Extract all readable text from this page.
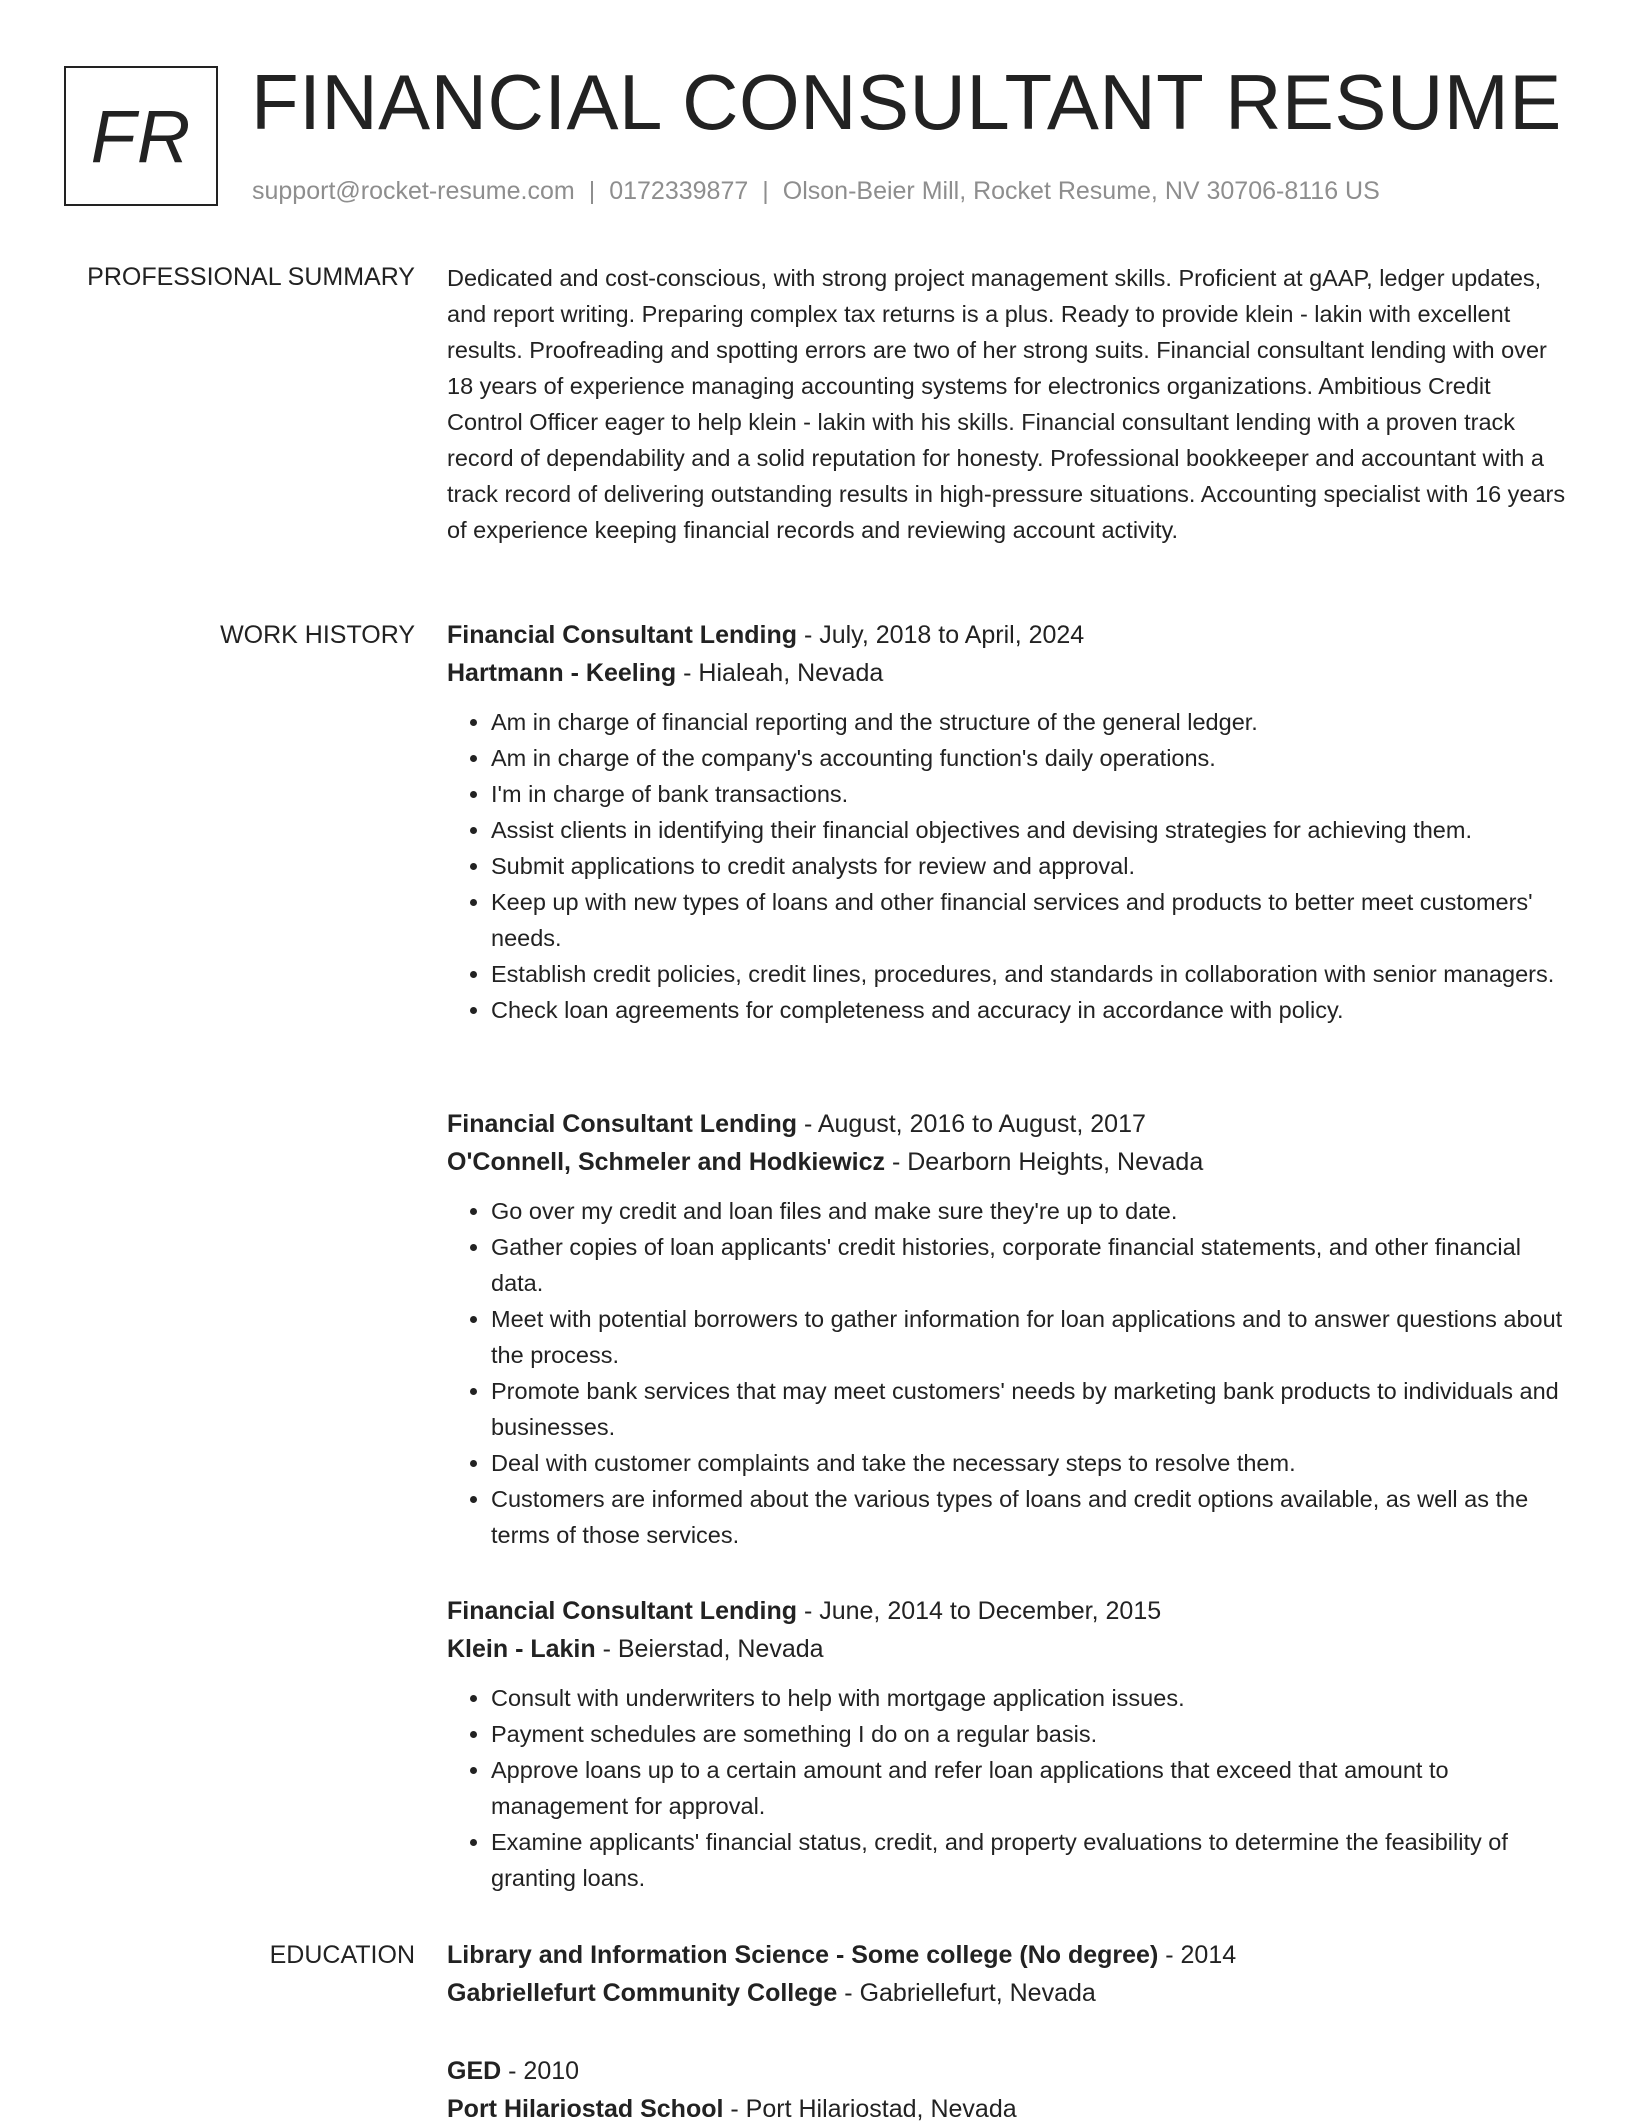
FR FINANCIAL CONSULTANT RESUME
support@rocket-resume.com | 0172339877 | Olson-Beier Mill, Rocket Resume, NV 30706-8116 US
PROFESSIONAL SUMMARY Dedicated and cost-conscious, with strong project management skills. Proficient at gAAP, ledger updates, and report writing. Preparing complex tax returns is a plus. Ready to provide klein - lakin with excellent results. Proofreading and spotting errors are two of her strong suits. Financial consultant lending with over 18 years of experience managing accounting systems for electronics organizations. Ambitious Credit Control Officer eager to help klein - lakin with his skills. Financial consultant lending with a proven track record of dependability and a solid reputation for honesty. Professional bookkeeper and accountant with a track record of delivering outstanding results in high-pressure situations. Accounting specialist with 16 years of experience keeping financial records and reviewing account activity.

WORK HISTORY Financial Consultant Lending - July, 2018 to April, 2024
Hartmann - Keeling - Hialeah, Nevada
• Am in charge of financial reporting and the structure of the general ledger.
• Am in charge of the company's accounting function's daily operations.
• I'm in charge of bank transactions.
• Assist clients in identifying their financial objectives and devising strategies for achieving them.
• Submit applications to credit analysts for review and approval.
• Keep up with new types of loans and other financial services and products to better meet customers' needs.
• Establish credit policies, credit lines, procedures, and standards in collaboration with senior managers.
• Check loan agreements for completeness and accuracy in accordance with policy.
Financial Consultant Lending - August, 2016 to August, 2017
O'Connell, Schmeler and Hodkiewicz - Dearborn Heights, Nevada
• Go over my credit and loan files and make sure they're up to date.
• Gather copies of loan applicants' credit histories, corporate financial statements, and other financial data.
• Meet with potential borrowers to gather information for loan applications and to answer questions about the process.
• Promote bank services that may meet customers' needs by marketing bank products to individuals and businesses.
• Deal with customer complaints and take the necessary steps to resolve them.
• Customers are informed about the various types of loans and credit options available, as well as the terms of those services.
Financial Consultant Lending - June, 2014 to December, 2015
Klein - Lakin - Beierstad, Nevada
• Consult with underwriters to help with mortgage application issues.
• Payment schedules are something I do on a regular basis.
• Approve loans up to a certain amount and refer loan applications that exceed that amount to management for approval.
• Examine applicants' financial status, credit, and property evaluations to determine the feasibility of granting loans.
EDUCATION Library and Information Science - Some college (No degree) - 2014
Gabriellefurt Community College - Gabriellefurt, Nevada
GED - 2010
Port Hilariostad School - Port Hilariostad, Nevada
